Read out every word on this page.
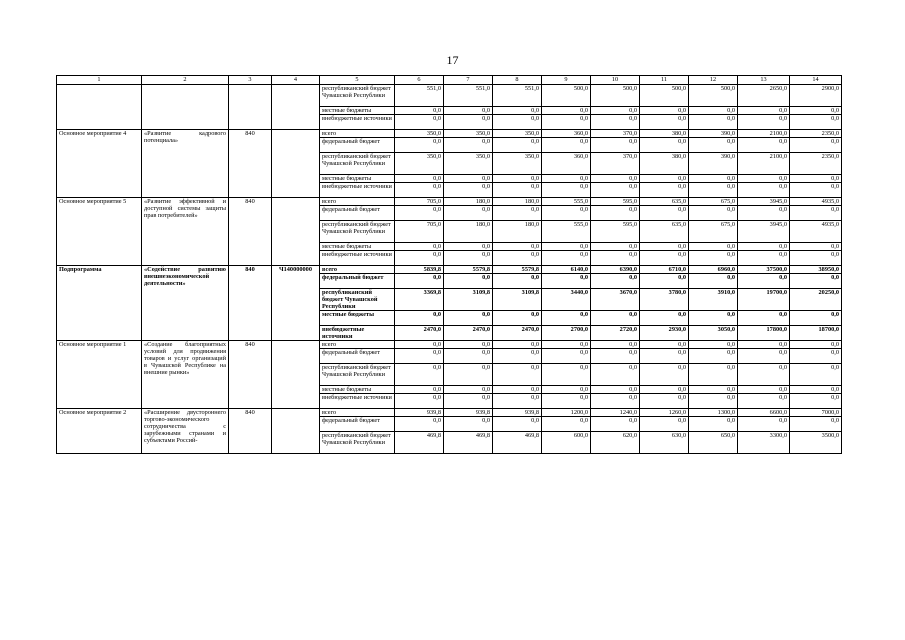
17
1	2	3	4	5	6	7	8	9	10	11	12	13	14
				республиканский бюджет Чувашской Республики	551,0	551,0	551,0	500,0	500,0	500,0	500,0	2650,0	2900,0
				местные бюджеты	0,0	0,0	0,0	0,0	0,0	0,0	0,0	0,0	0,0
				внебюджетные источники	0,0	0,0	0,0	0,0	0,0	0,0	0,0	0,0	0,0
Основное мероприятие 4	«Развитие кадрового потенциала»	840		всего	350,0	350,0	350,0	360,0	370,0	380,0	390,0	2100,0	2350,0
				федеральный бюджет	0,0	0,0	0,0	0,0	0,0	0,0	0,0	0,0	0,0
				республиканский бюджет Чувашской Республики	350,0	350,0	350,0	360,0	370,0	380,0	390,0	2100,0	2350,0
				местные бюджеты	0,0	0,0	0,0	0,0	0,0	0,0	0,0	0,0	0,0
				внебюджетные источники	0,0	0,0	0,0	0,0	0,0	0,0	0,0	0,0	0,0
Основное мероприятие 5	«Развитие эффективной и доступной системы защиты прав потребителей»	840		всего	705,0	180,0	180,0	555,0	595,0	635,0	675,0	3945,0	4935,0
				федеральный бюджет	0,0	0,0	0,0	0,0	0,0	0,0	0,0	0,0	0,0
				республиканский бюджет Чувашской Республики	705,0	180,0	180,0	555,0	595,0	635,0	675,0	3945,0	4935,0
				местные бюджеты	0,0	0,0	0,0	0,0	0,0	0,0	0,0	0,0	0,0
				внебюджетные источники	0,0	0,0	0,0	0,0	0,0	0,0	0,0	0,0	0,0
Подпрограмма	«Содействие развитию внешнеэкономической деятельности»	840	Ч140000000	всего	5839,8	5579,8	5579,8	6140,0	6390,0	6710,0	6960,0	37500,0	38950,0
				федеральный бюджет	0,0	0,0	0,0	0,0	0,0	0,0	0,0	0,0	0,0
				республиканский бюджет Чувашской Республики	3369,8	3109,8	3109,8	3440,0	3670,0	3780,0	3910,0	19700,0	20250,0
				местные бюджеты	0,0	0,0	0,0	0,0	0,0	0,0	0,0	0,0	0,0
				внебюджетные источники	2470,0	2470,0	2470,0	2700,0	2720,0	2930,0	3050,0	17800,0	18700,0
Основное мероприятие 1	«Создание благоприятных условий для продвижения товаров и услуг организаций в Чувашской Республике на внешние рынки»	840		всего	0,0	0,0	0,0	0,0	0,0	0,0	0,0	0,0	0,0
				федеральный бюджет	0,0	0,0	0,0	0,0	0,0	0,0	0,0	0,0	0,0
				республиканский бюджет Чувашской Республики	0,0	0,0	0,0	0,0	0,0	0,0	0,0	0,0	0,0
				местные бюджеты	0,0	0,0	0,0	0,0	0,0	0,0	0,0	0,0	0,0
				внебюджетные источники	0,0	0,0	0,0	0,0	0,0	0,0	0,0	0,0	0,0
Основное мероприятие 2	«Расширение двустороннего торгово-экономического сотрудничества с зарубежными странами и субъектами Россий-	840		всего	939,8	939,8	939,8	1200,0	1240,0	1260,0	1300,0	6600,0	7000,0
				федеральный бюджет	0,0	0,0	0,0	0,0	0,0	0,0	0,0	0,0	0,0
				республиканский бюджет Чувашской Республики	469,8	469,8	469,8	600,0	620,0	630,0	650,0	3300,0	3500,0
